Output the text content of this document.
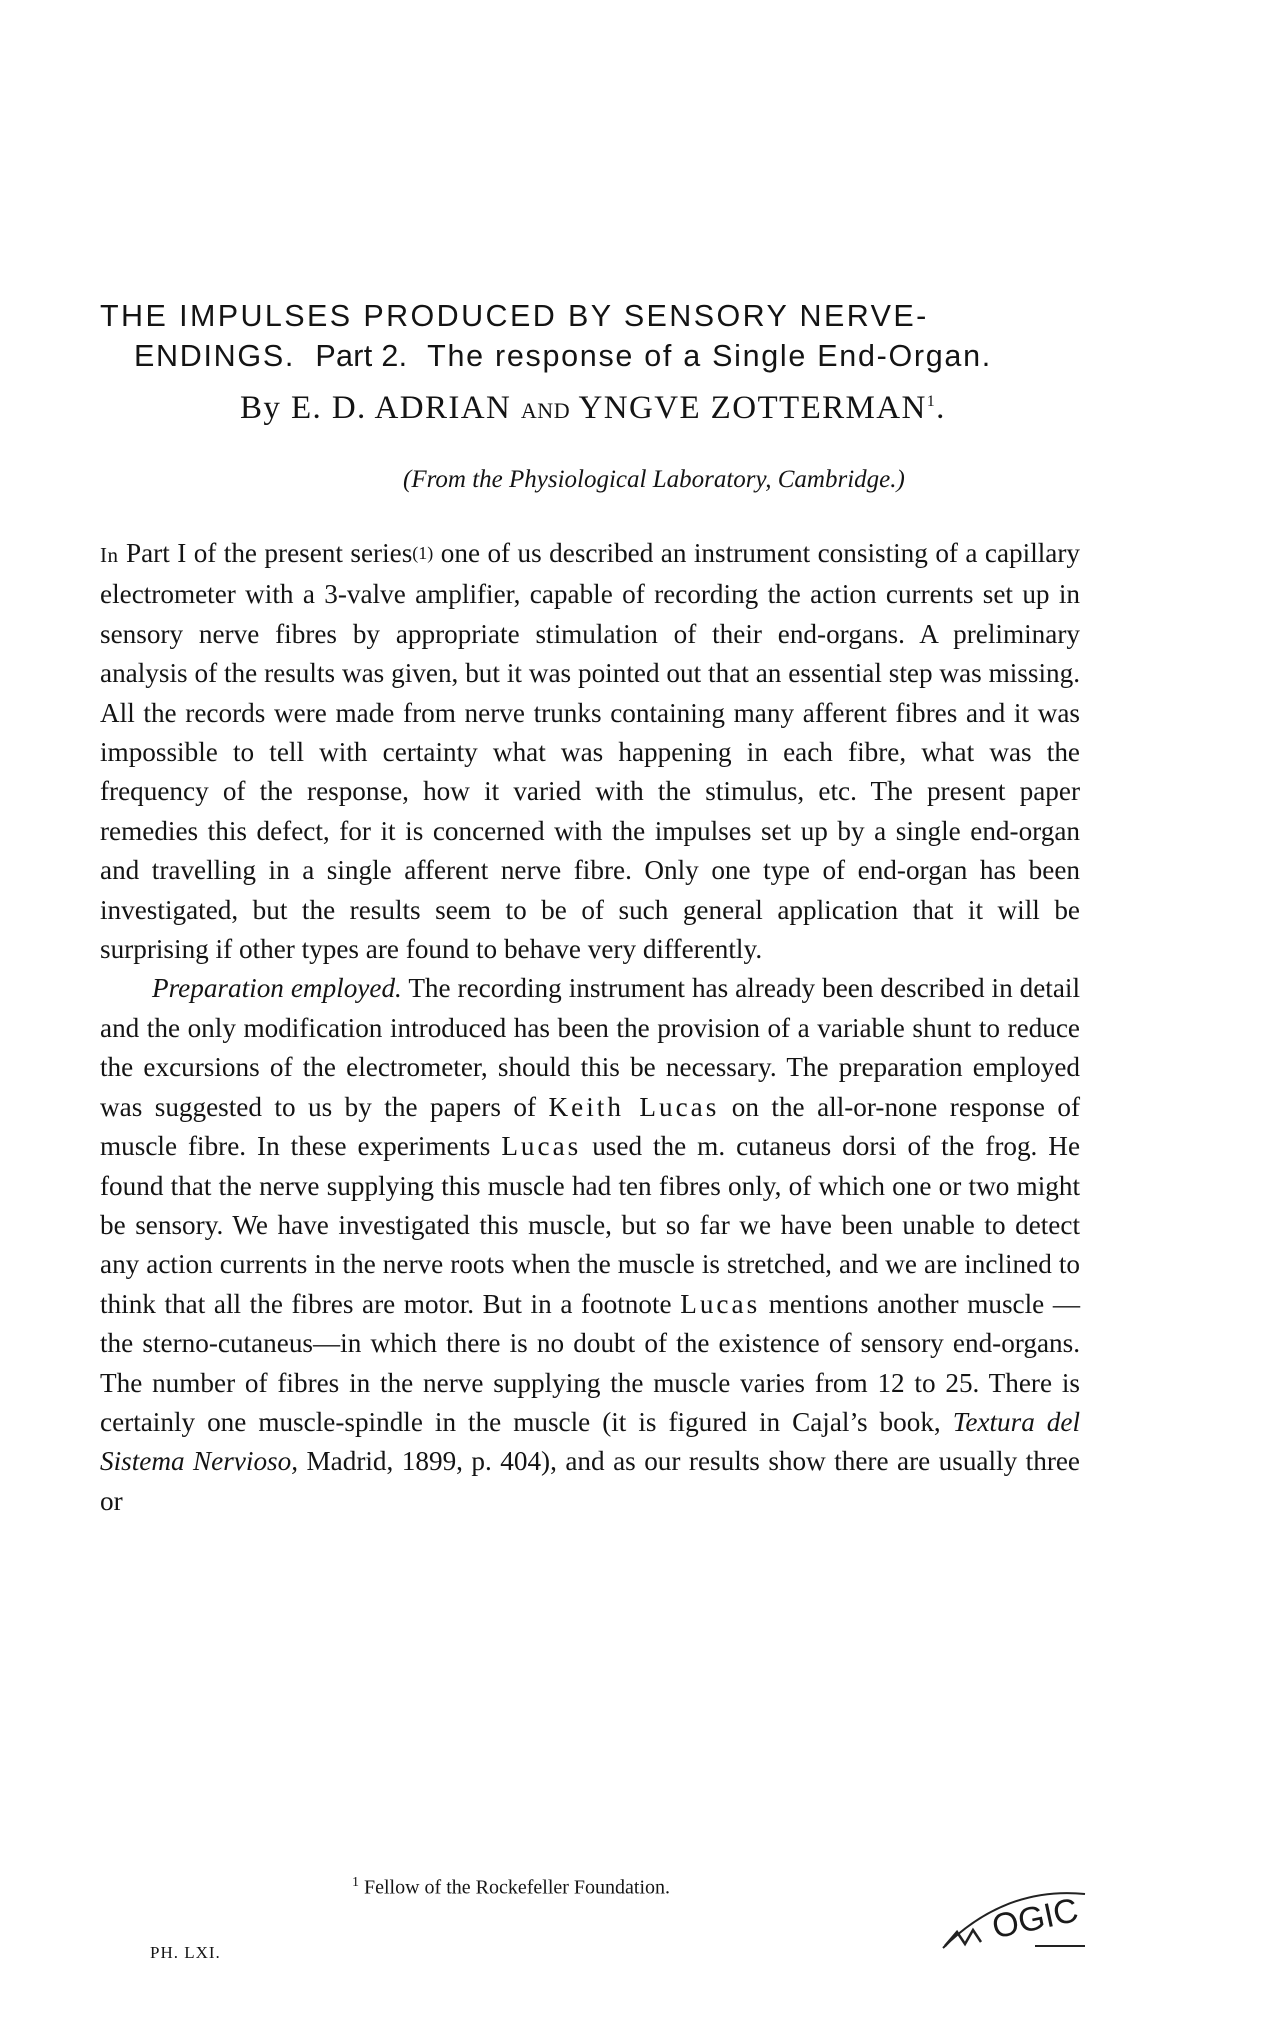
THE IMPULSES PRODUCED BY SENSORY NERVE-
ENDINGS. Part 2. The response of a Single End-Organ.
By E. D. ADRIAN AND YNGVE ZOTTERMAN$^1$.
(From the Physiological Laboratory, Cambridge.)

In Part I of the present series(1) one of us described an instrument consisting of a capillary electrometer with a 3-valve amplifier, capable of recording the action currents set up in sensory nerve fibres by appropriate stimulation of their end-organs. A preliminary analysis of the results was given, but it was pointed out that an essential step was missing. All the records were made from nerve trunks containing many afferent fibres and it was impossible to tell with certainty what was happening in each fibre, what was the frequency of the response, how it varied with the stimulus, etc. The present paper remedies this defect, for it is concerned with the impulses set up by a single end-organ and travelling in a single afferent nerve fibre. Only one type of end-organ has been investigated, but the results seem to be of such general application that it will be surprising if other types are found to behave very differently.

Preparation employed. The recording instrument has already been described in detail and the only modification introduced has been the provision of a variable shunt to reduce the excursions of the electrometer, should this be necessary. The preparation employed was suggested to us by the papers of Keith Lucas on the all-or-none response of muscle fibre. In these experiments Lucas used the m. cutaneus dorsi of the frog. He found that the nerve supplying this muscle had ten fibres only, of which one or two might be sensory. We have investigated this muscle, but so far we have been unable to detect any action currents in the nerve roots when the muscle is stretched, and we are inclined to think that all the fibres are motor. But in a footnote Lucas mentions another muscle —the sterno-cutaneus—in which there is no doubt of the existence of sensory end-organs. The number of fibres in the nerve supplying the muscle varies from 12 to 25. There is certainly one muscle-spindle in the muscle (it is figured in Cajal’s book, Textura del Sistema Nervioso, Madrid, 1899, p. 404), and as our results show there are usually three or

$^1$ Fellow of the Rockefeller Foundation.
PH. LXI.
OGIC
